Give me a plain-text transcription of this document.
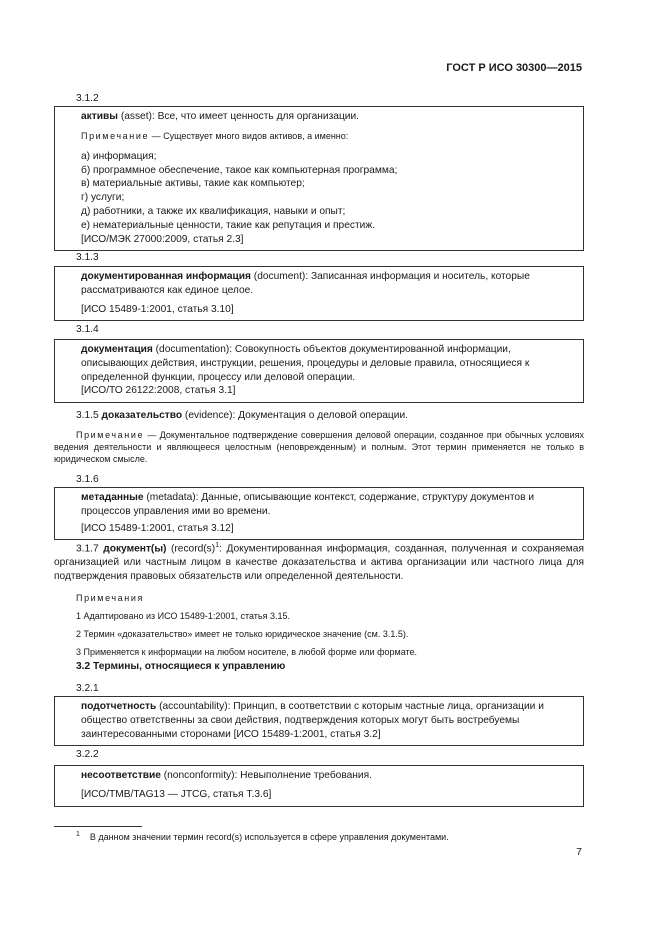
ГОСТ Р ИСО 30300—2015
3.1.2

активы (asset): Все, что имеет ценность для организации.

Примечание — Существует много видов активов, а именно:

а) информация;

б) программное обеспечение, такое как компьютерная программа;

в) материальные активы, такие как компьютер;

г) услуги;

д) работники, а также их квалификация, навыки и опыт;

е) нематериальные ценности, такие как репутация и престиж.

[ИСО/МЭК 27000:2009, статья 2.3]

3.1.3

документированная информация (document): Записанная информация и носитель, которые рассматриваются как единое целое.

[ИСО 15489-1:2001, статья 3.10]

3.1.4

документация (documentation): Совокупность объектов документированной информации, описывающих действия, инструкции, решения, процедуры и деловые правила, относящиеся к определенной функции, процессу или деловой операции.

[ИСО/ТО 26122:2008, статья 3.1]

3.1.5 доказательство (evidence): Документация о деловой операции.

Примечание — Документальное подтверждение совершения деловой операции, созданное при обычных условиях ведения деятельности и являющееся целостным (неповрежденным) и полным. Этот термин применяется не только в юридическом смысле.

3.1.6

метаданные (metadata): Данные, описывающие контекст, содержание, структуру документов и процессов управления ими во времени.

[ИСО 15489-1:2001, статья 3.12]

3.1.7 документ(ы) ($record(s)^1$: Документированная информация, созданная, полученная и сохраняемая организацией или частным лицом в качестве доказательства и актива организации или частного лица для подтверждения правовых обязательств или определенной деятельности.

Примечания

1 Адаптировано из ИСО 15489-1:2001, статья 3.15.

2 Термин «доказательство» имеет не только юридическое значение (см. 3.1.5).

3 Применяется к информации на любом носителе, в любой форме или формате.

3.2 Термины, относящиеся к управлению

3.2.1

подотчетность (accountability): Принцип, в соответствии с которым частные лица, организации и общество ответственны за свои действия, подтверждения которых могут быть востребуемы заинтересованными сторонами [ИСО 15489-1:2001, статья 3.2]

3.2.2

несоответствие (nonconformity): Невыполнение требования.

[ИСО/TMB/TAG13 — JTCG, статья T.3.6]

$^1$ В данном значении термин record(s) используется в сфере управления документами.
7
